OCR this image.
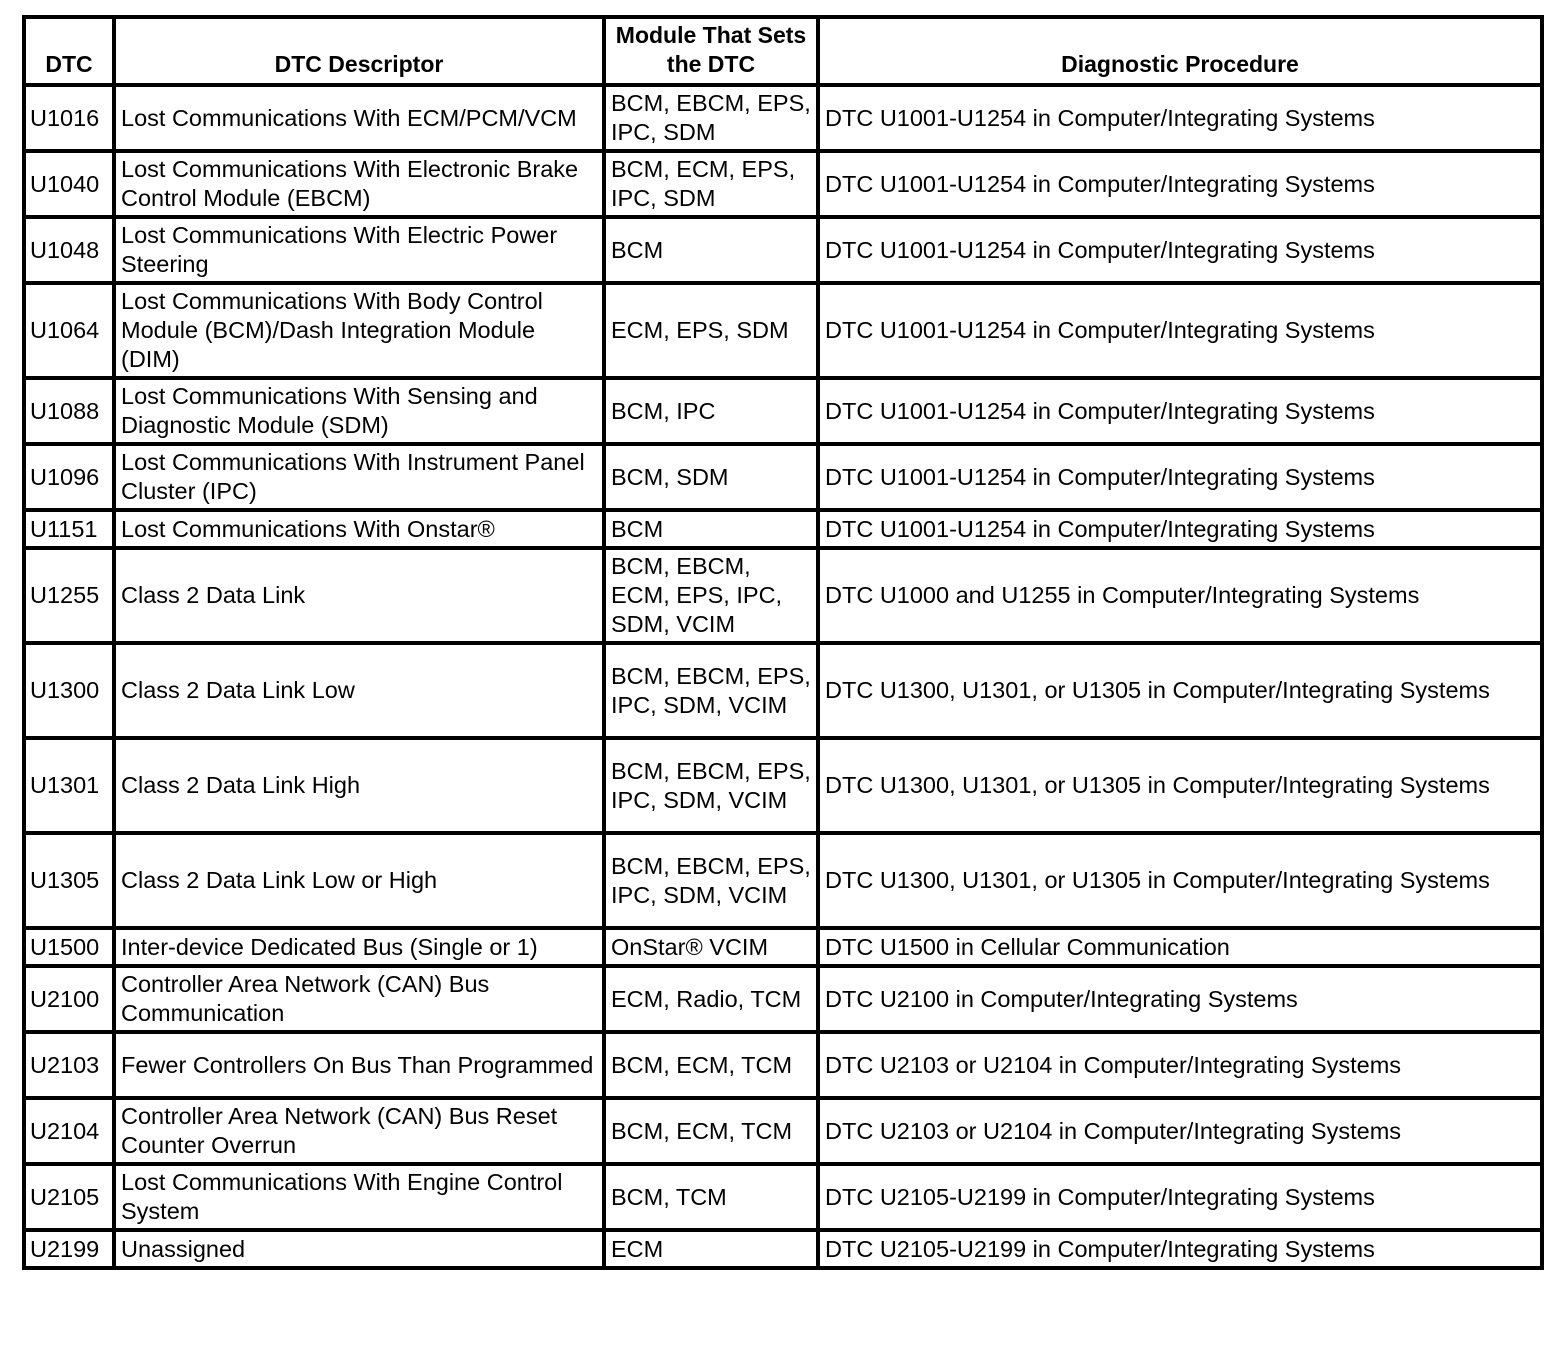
DTC	DTC Descriptor	Module That Sets the DTC	Diagnostic Procedure
U1016	Lost Communications With ECM/PCM/VCM	BCM, EBCM, EPS, IPC, SDM	DTC U1001-U1254 in Computer/Integrating Systems
U1040	Lost Communications With Electronic Brake Control Module (EBCM)	BCM, ECM, EPS, IPC, SDM	DTC U1001-U1254 in Computer/Integrating Systems
U1048	Lost Communications With Electric Power Steering	BCM	DTC U1001-U1254 in Computer/Integrating Systems
U1064	Lost Communications With Body Control Module (BCM)/Dash Integration Module (DIM)	ECM, EPS, SDM	DTC U1001-U1254 in Computer/Integrating Systems
U1088	Lost Communications With Sensing and Diagnostic Module (SDM)	BCM, IPC	DTC U1001-U1254 in Computer/Integrating Systems
U1096	Lost Communications With Instrument Panel Cluster (IPC)	BCM, SDM	DTC U1001-U1254 in Computer/Integrating Systems
U1151	Lost Communications With Onstar®	BCM	DTC U1001-U1254 in Computer/Integrating Systems
U1255	Class 2 Data Link	BCM, EBCM, ECM, EPS, IPC, SDM, VCIM	DTC U1000 and U1255 in Computer/Integrating Systems
U1300	Class 2 Data Link Low	BCM, EBCM, EPS, IPC, SDM, VCIM	DTC U1300, U1301, or U1305 in Computer/Integrating Systems
U1301	Class 2 Data Link High	BCM, EBCM, EPS, IPC, SDM, VCIM	DTC U1300, U1301, or U1305 in Computer/Integrating Systems
U1305	Class 2 Data Link Low or High	BCM, EBCM, EPS, IPC, SDM, VCIM	DTC U1300, U1301, or U1305 in Computer/Integrating Systems
U1500	Inter-device Dedicated Bus (Single or 1)	OnStar® VCIM	DTC U1500 in Cellular Communication
U2100	Controller Area Network (CAN) Bus Communication	ECM, Radio, TCM	DTC U2100 in Computer/Integrating Systems
U2103	Fewer Controllers On Bus Than Programmed	BCM, ECM, TCM	DTC U2103 or U2104 in Computer/Integrating Systems
U2104	Controller Area Network (CAN) Bus Reset Counter Overrun	BCM, ECM, TCM	DTC U2103 or U2104 in Computer/Integrating Systems
U2105	Lost Communications With Engine Control System	BCM, TCM	DTC U2105-U2199 in Computer/Integrating Systems
U2199	Unassigned	ECM	DTC U2105-U2199 in Computer/Integrating Systems
